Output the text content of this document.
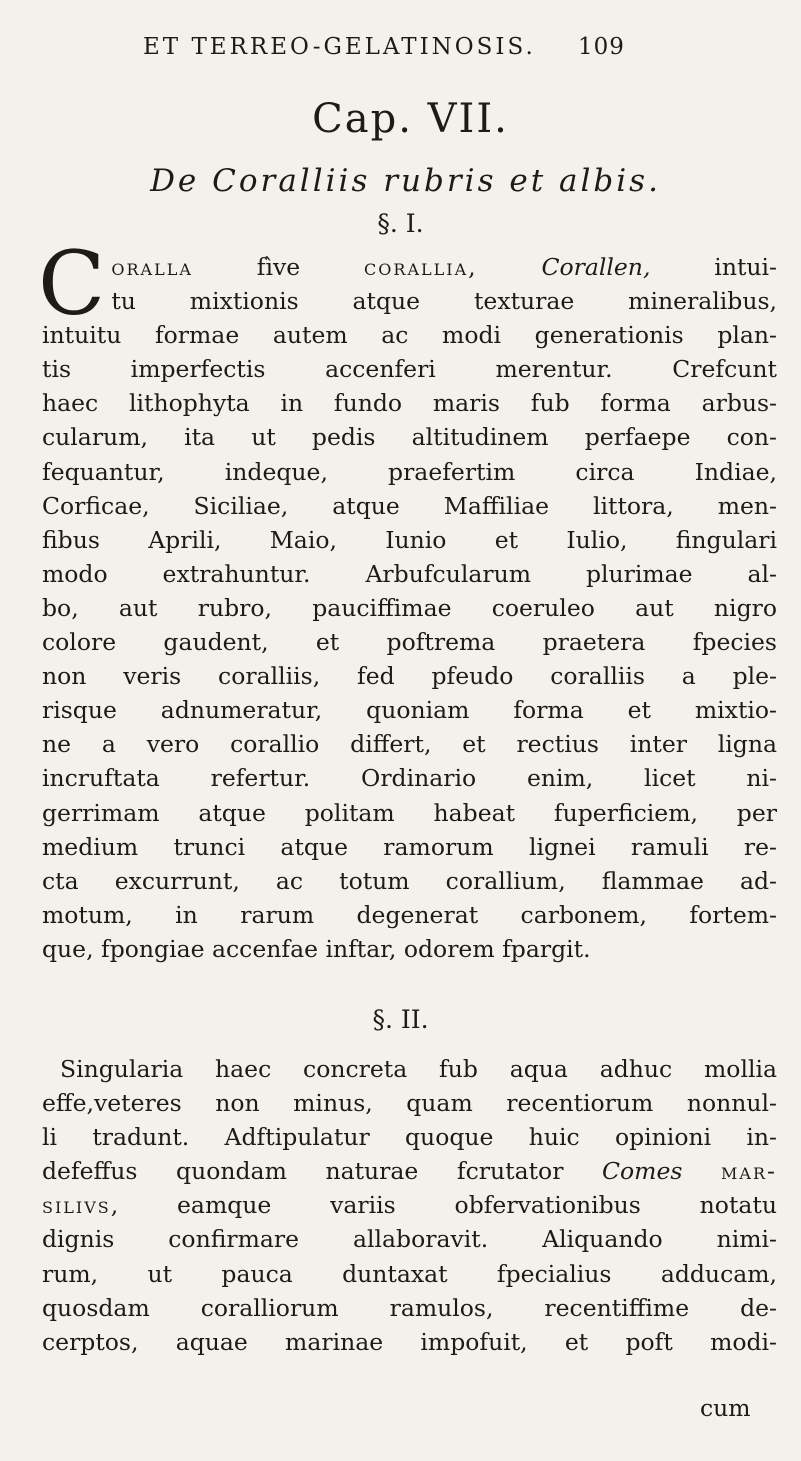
ET TERREO-GELATINOSIS. 109
Cap. VII.
De Coralliis rubris et albis.
§. I.
C oralla fìve corallia,	Corallen, intui-
tu mixtionis atque texturae mineralibus,
intuitu formae autem ac modi generationis plan-
tis imperfectis accenferi merentur. Crefcunt
haec lithophyta in fundo maris fub forma arbus-
cularum, ita ut pedis altitudinem perfaepe con-
fequantur, indeque, praefertim circa Indiae,
Corficae, Siciliae, atque Maffiliae littora, men-
fibus Aprili, Maio, Iunio et Iulio, fingulari
modo extrahuntur. Arbufcularum plurimae al-
bo, aut rubro, pauciffimae coeruleo aut nigro
colore gaudent, et poftrema praetera fpecies
non veris coralliis, fed pfeudo coralliis a ple-
risque adnumeratur, quoniam forma et mixtio-
ne a vero corallio differt, et rectius inter ligna
incruftata refertur. Ordinario enim, licet ni-
gerrimam atque politam habeat fuperficiem, per
medium trunci atque ramorum lignei ramuli re-
cta excurrunt, ac totum corallium, flammae ad-
motum, in rarum degenerat carbonem, fortem-
que, fpongiae accenfae inftar, odorem fpargit.
§. II.
Singularia haec concreta fub aqua adhuc mollia
effe,veteres non minus, quam recentiorum nonnul-
li tradunt. Adftipulatur quoque huic opinioni in-
defeffus quondam naturae fcrutator Comes mar-
silivs, eamque variis obfervationibus notatu
dignis confirmare allaboravit. Aliquando nimi-
rum, ut pauca duntaxat fpecialius adducam,
quosdam coralliorum ramulos, recentiffime de-
cerptos, aquae marinae impofuit, et poft modi-
cum
